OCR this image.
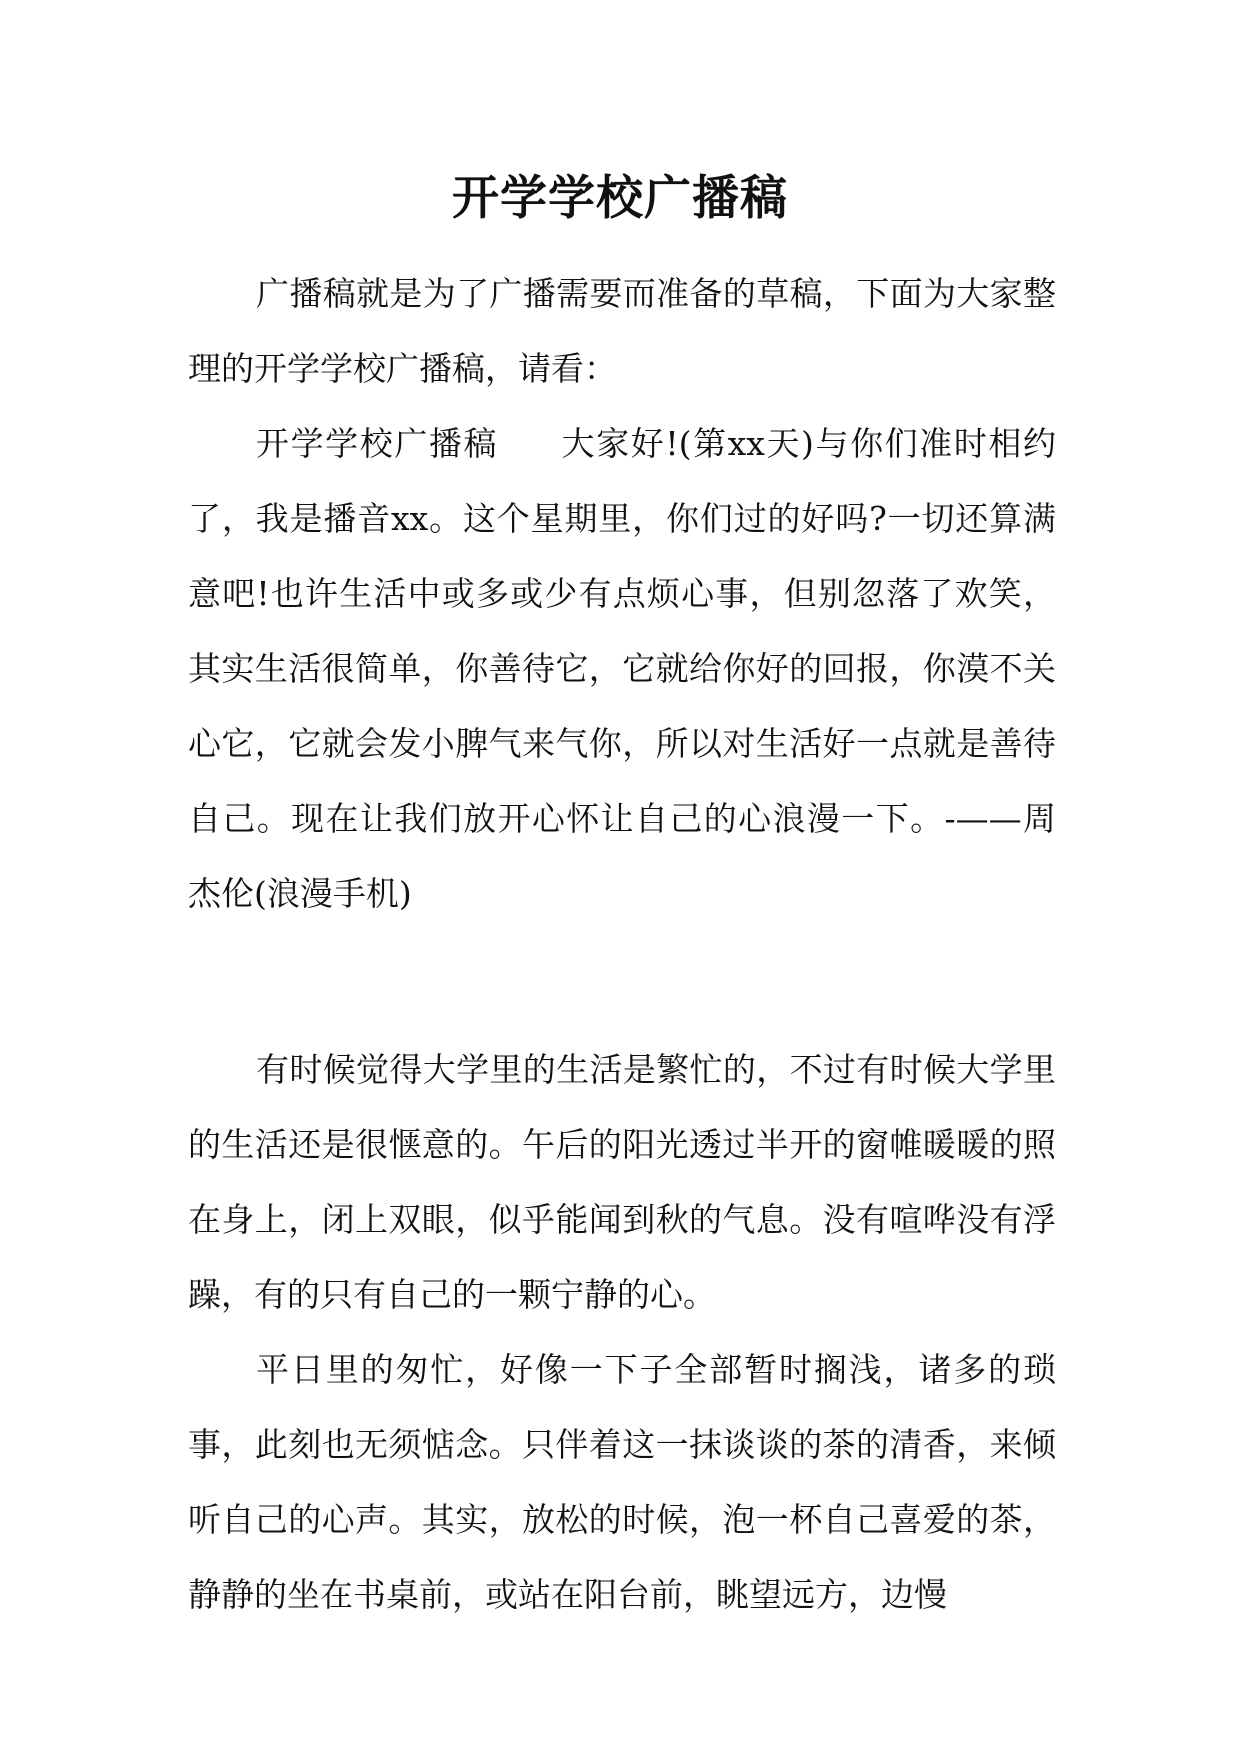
开学学校广播稿

广播稿就是为了广播需要而准备的草稿，下面为大家整理的开学学校广播稿，请看：

开学学校广播稿 大家好!(第xx天)与你们准时相约了，我是播音xx。这个星期里，你们过的好吗?一切还算满意吧!也许生活中或多或少有点烦心事，但别忽落了欢笑，其实生活很简单，你善待它，它就给你好的回报，你漠不关心它，它就会发小脾气来气你，所以对生活好一点就是善待自己。现在让我们放开心怀让自己的心浪漫一下。-——周杰伦(浪漫手机)

有时候觉得大学里的生活是繁忙的，不过有时候大学里的生活还是很惬意的。午后的阳光透过半开的窗帷暖暖的照在身上，闭上双眼，似乎能闻到秋的气息。没有喧哗没有浮躁，有的只有自己的一颗宁静的心。

平日里的匆忙，好像一下子全部暂时搁浅，诸多的琐事，此刻也无须惦念。只伴着这一抹谈谈的茶的清香，来倾听自己的心声。其实，放松的时候，泡一杯自己喜爱的茶，静静的坐在书桌前，或站在阳台前，眺望远方，边慢
